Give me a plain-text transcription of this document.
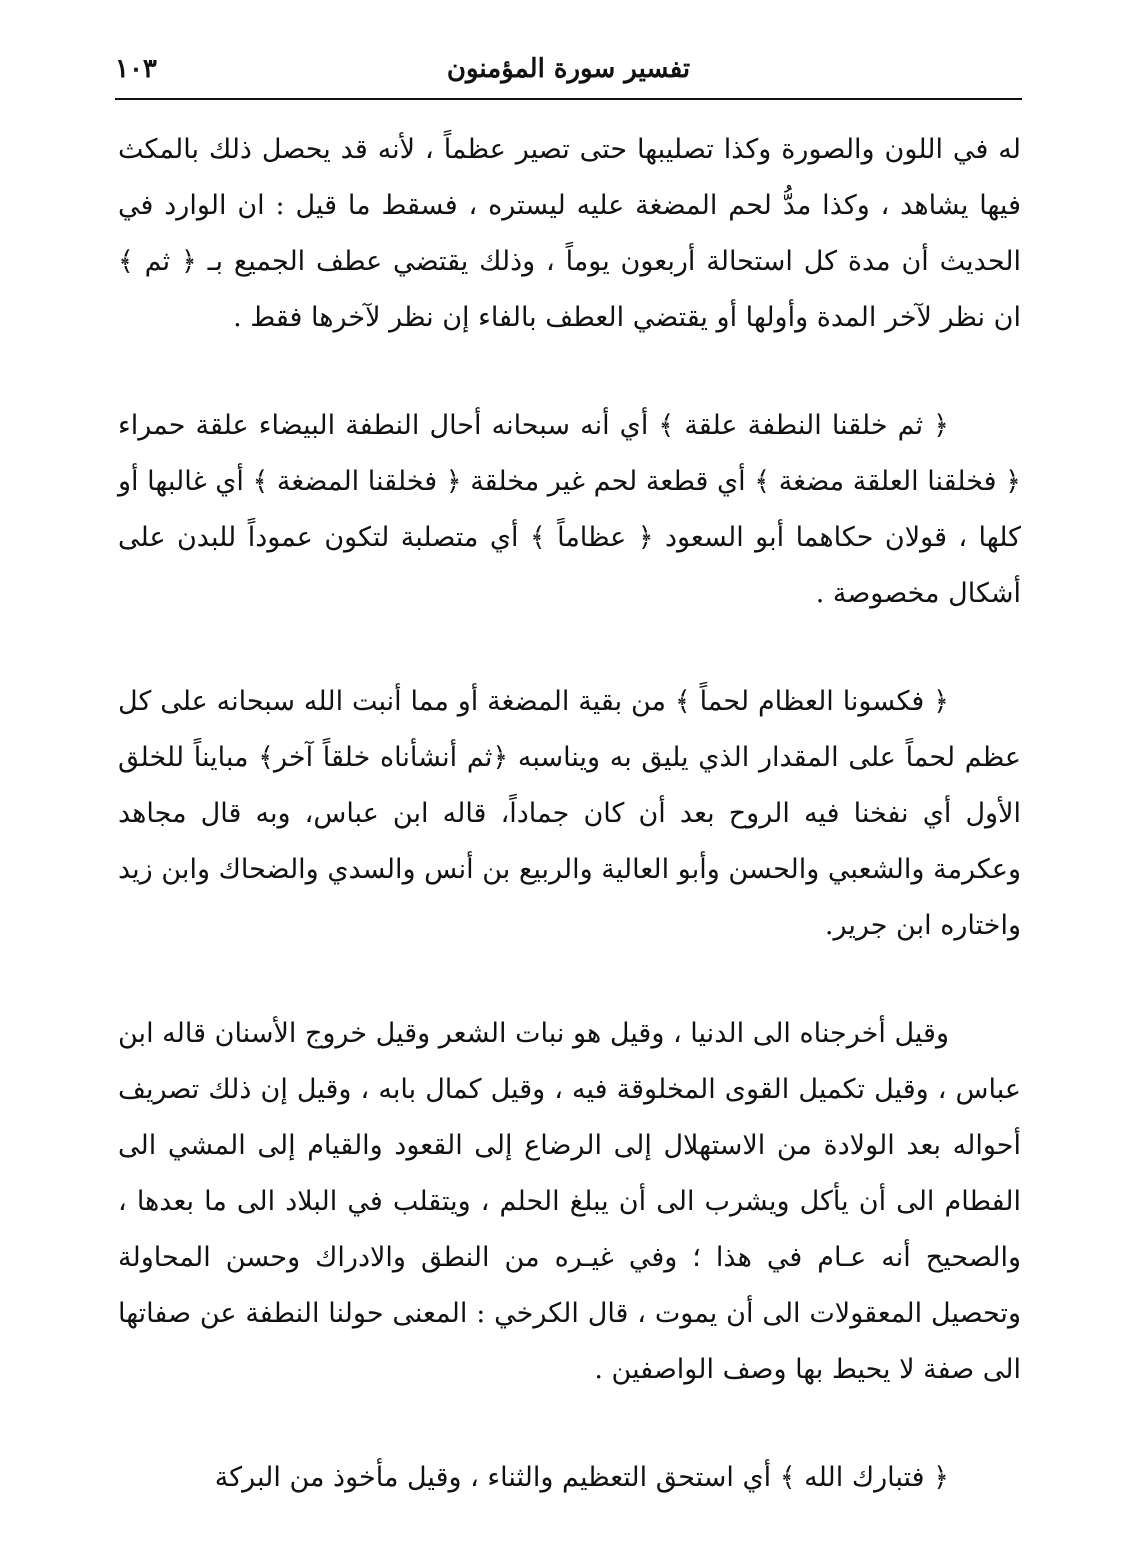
تفسير سورة المؤمنون
١٠٣

له في اللون والصورة وكذا تصليبها حتى تصير عظماً ، لأنه قد يحصل ذلك بالمكث فيها يشاهد ، وكذا مدُّ لحم المضغة عليه ليستره ، فسقط ما قيل : ان الوارد في الحديث أن مدة كل استحالة أربعون يوماً ، وذلك يقتضي عطف الجميع بـ ﴿ ثم ﴾ ان نظر لآخر المدة وأولها أو يقتضي العطف بالفاء إن نظر لآخرها فقط .

﴿ ثم خلقنا النطفة علقة ﴾ أي أنه سبحانه أحال النطفة البيضاء علقة حمراء ﴿ فخلقنا العلقة مضغة ﴾ أي قطعة لحم غير مخلقة ﴿ فخلقنا المضغة ﴾ أي غالبها أو كلها ، قولان حكاهما أبو السعود ﴿ عظاماً ﴾ أي متصلبة لتكون عموداً للبدن على أشكال مخصوصة .

﴿ فكسونا العظام لحماً ﴾ من بقية المضغة أو مما أنبت الله سبحانه على كل عظم لحماً على المقدار الذي يليق به ويناسبه ﴿ثم أنشأناه خلقاً آخر﴾ مبايناً للخلق الأول أي نفخنا فيه الروح بعد أن كان جماداً، قاله ابن عباس، وبه قال مجاهد وعكرمة والشعبي والحسن وأبو العالية والربيع بن أنس والسدي والضحاك وابن زيد واختاره ابن جرير.

وقيل أخرجناه الى الدنيا ، وقيل هو نبات الشعر وقيل خروج الأسنان قاله ابن عباس ، وقيل تكميل القوى المخلوقة فيه ، وقيل كمال بابه ، وقيل إن ذلك تصريف أحواله بعد الولادة من الاستهلال إلى الرضاع إلى القعود والقيام إلى المشي الى الفطام الى أن يأكل ويشرب الى أن يبلغ الحلم ، ويتقلب في البلاد الى ما بعدها ، والصحيح أنه عـام في هذا ؛ وفي غيـره من النطق والادراك وحسن المحاولة وتحصيل المعقولات الى أن يموت ، قال الكرخي : المعنى حولنا النطفة عن صفاتها الى صفة لا يحيط بها وصف الواصفين .

﴿ فتبارك الله ﴾ أي استحق التعظيم والثناء ، وقيل مأخوذ من البركة
